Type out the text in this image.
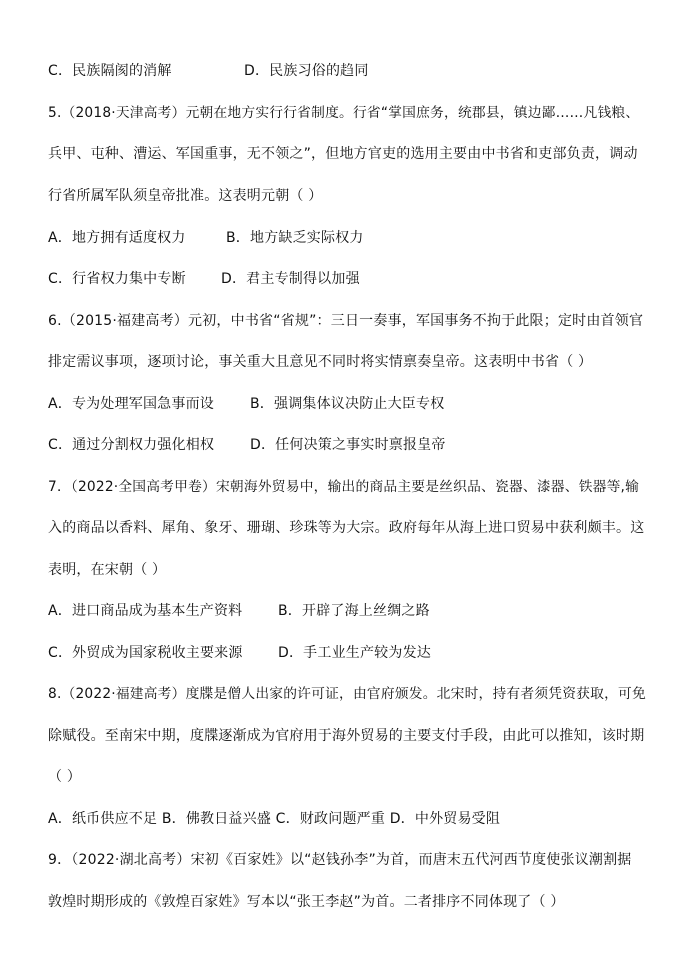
C．民族隔阂的消解	D．民族习俗的趋同
5.（2018·天津高考）元朝在地方实行行省制度。行省“掌国庶务，统郡县，镇边鄙……凡钱粮、
兵甲、屯种、漕运、军国重事，无不领之”，但地方官吏的选用主要由中书省和吏部负责，调动
行省所属军队须皇帝批准。这表明元朝（ ）
A．地方拥有适度权力	B．地方缺乏实际权力
C．行省权力集中专断	D．君主专制得以加强
6.（2015·福建高考）元初，中书省“省规”：三日一奏事，军国事务不拘于此限；定时由首领官
排定需议事项，逐项讨论，事关重大且意见不同时将实情禀奏皇帝。这表明中书省（ ）
A．专为处理军国急事而设	B．强调集体议决防止大臣专权
C．通过分割权力强化相权	D．任何决策之事实时禀报皇帝
7．（2022·全国高考甲卷）宋朝海外贸易中，输出的商品主要是丝织品、瓷器、漆器、铁器等,输
入的商品以香料、犀角、象牙、珊瑚、珍珠等为大宗。政府每年从海上进口贸易中获利颇丰。这
表明，在宋朝（ ）
A．进口商品成为基本生产资料	B．开辟了海上丝绸之路
C．外贸成为国家税收主要来源	D．手工业生产较为发达
8.（2022·福建高考）度牒是僧人出家的许可证，由官府颁发。北宋时，持有者须凭资获取，可免
除赋役。至南宋中期，度牒逐渐成为官府用于海外贸易的主要支付手段，由此可以推知，该时期
（ ）
A．纸币供应不足 B．佛教日益兴盛 C．财政问题严重 D．中外贸易受阻
9．（2022·湖北高考）宋初《百家姓》以“赵钱孙李”为首，而唐末五代河西节度使张议潮割据
敦煌时期形成的《敦煌百家姓》写本以“张王李赵”为首。二者排序不同体现了（ ）
